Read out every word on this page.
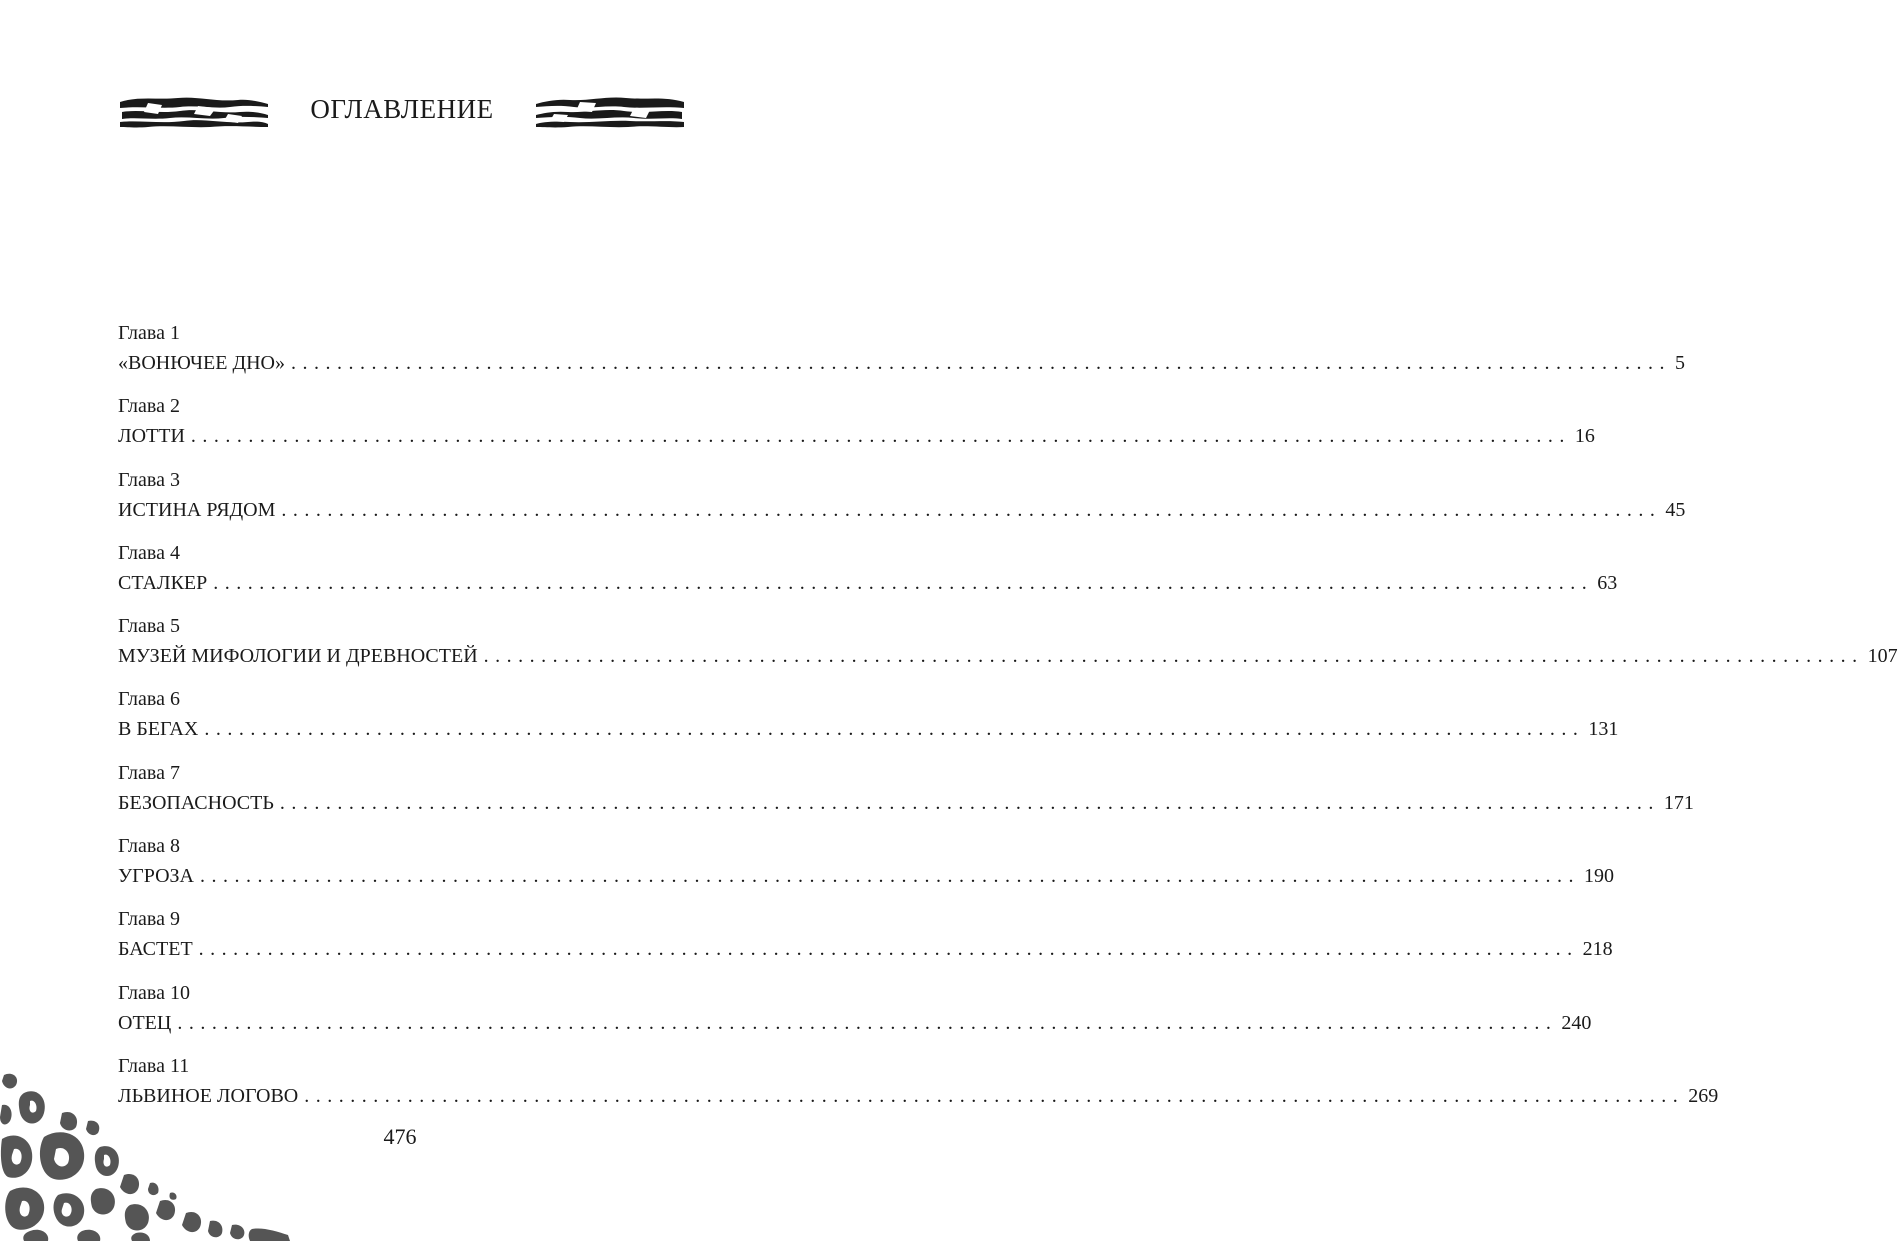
ОГЛАВЛЕНИЕ
Глава 1
«ВОНЮЧЕЕ ДНО» ........................................................................................................................ 5
Глава 2
ЛОТТИ ........................................................................................................................ 16
Глава 3
ИСТИНА РЯДОМ ........................................................................................................................ 45
Глава 4
СТАЛКЕР ........................................................................................................................ 63
Глава 5
МУЗЕЙ МИФОЛОГИИ И ДРЕВНОСТЕЙ ........................................................................................................................ 107
Глава 6
В БЕГАХ ........................................................................................................................ 131
Глава 7
БЕЗОПАСНОСТЬ ........................................................................................................................ 171
Глава 8
УГРОЗА ........................................................................................................................ 190
Глава 9
БАСТЕТ ........................................................................................................................ 218
Глава 10
ОТЕЦ ........................................................................................................................ 240
Глава 11
ЛЬВИНОЕ ЛОГОВО ........................................................................................................................ 269
476
